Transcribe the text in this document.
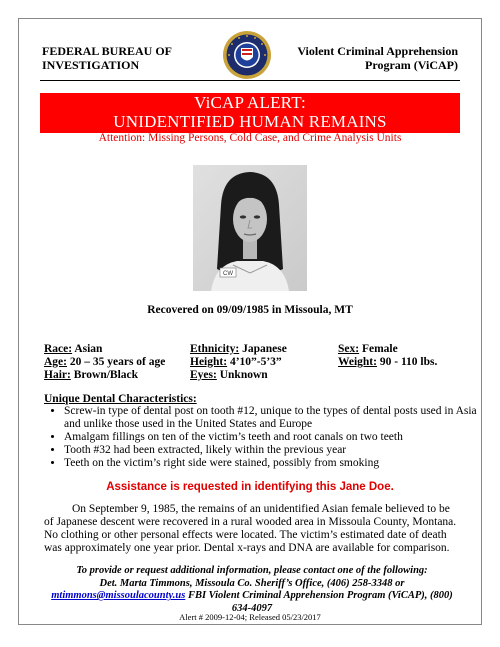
FEDERAL BUREAU OF
INVESTIGATION
Violent Criminal Apprehension
Program (ViCAP)
ViCAP ALERT:
UNIDENTIFIED HUMAN REMAINS
Attention: Missing Persons, Cold Case, and Crime Analysis Units
CW
Recovered on 09/09/1985 in Missoula, MT
Race: Asian
Age: 20 – 35 years of age
Hair: Brown/Black
Ethnicity: Japanese
Height: 4’10”-5’3”
Eyes: Unknown
Sex: Female
Weight: 90 - 110 lbs.
Unique Dental Characteristics:
• Screw-in type of dental post on tooth #12, unique to the types of dental posts used in Asia and unlike those used in the United States and Europe
• Amalgam fillings on ten of the victim’s teeth and root canals on two teeth
• Tooth #32 had been extracted, likely within the previous year
• Teeth on the victim’s right side were stained, possibly from smoking
Assistance is requested in identifying this Jane Doe.
On September 9, 1985, the remains of an unidentified Asian female believed to be of Japanese descent were recovered in a rural wooded area in Missoula County, Montana. No clothing or other personal effects were located. The victim’s estimated date of death was approximately one year prior. Dental x-rays and DNA are available for comparison.
To provide or request additional information, please contact one of the following:
Det. Marta Timmons, Missoula Co. Sheriff’s Office, (406) 258-3348 or
mtimmons@missoulacounty.us FBI Violent Criminal Apprehension Program (ViCAP), (800) 634-4097
Alert # 2009-12-04; Released 05/23/2017
